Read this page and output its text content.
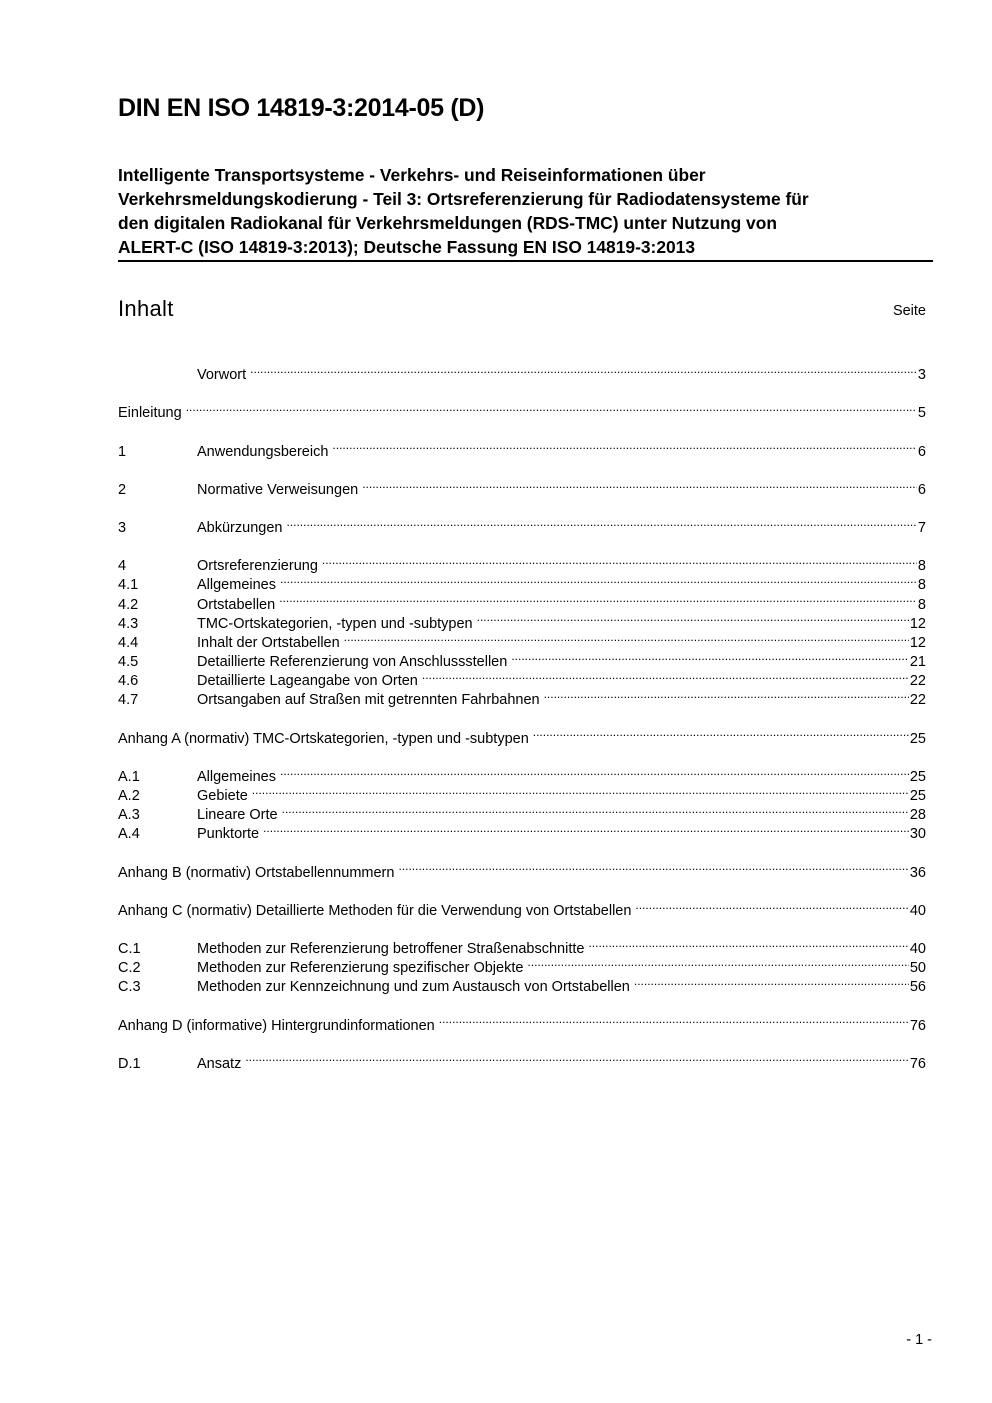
DIN EN ISO 14819-3:2014-05 (D)
Intelligente Transportsysteme - Verkehrs- und Reiseinformationen über
Verkehrsmeldungskodierung - Teil 3: Ortsreferenzierung für Radiodatensysteme für
den digitalen Radiokanal für Verkehrsmeldungen (RDS-TMC) unter Nutzung von
ALERT-C (ISO 14819-3:2013); Deutsche Fassung EN ISO 14819-3:2013
Inhalt	Seite
Vorwort .....	3
Einleitung .....	5
1	Anwendungsbereich .....	6
2	Normative Verweisungen .....	6
3	Abkürzungen .....	7
4	Ortsreferenzierung .....	8
4.1	Allgemeines .....	8
4.2	Ortstabellen .....	8
4.3	TMC-Ortskategorien, -typen und -subtypen .....	12
4.4	Inhalt der Ortstabellen .....	12
4.5	Detaillierte Referenzierung von Anschlussstellen .....	21
4.6	Detaillierte Lageangabe von Orten .....	22
4.7	Ortsangaben auf Straßen mit getrennten Fahrbahnen .....	22
Anhang A (normativ) TMC-Ortskategorien, -typen und -subtypen .....	25
A.1	Allgemeines .....	25
A.2	Gebiete .....	25
A.3	Lineare Orte .....	28
A.4	Punktorte .....	30
Anhang B (normativ) Ortstabellennummern .....	36
Anhang C (normativ) Detaillierte Methoden für die Verwendung von Ortstabellen .....	40
C.1	Methoden zur Referenzierung betroffener Straßenabschnitte .....	40
C.2	Methoden zur Referenzierung spezifischer Objekte .....	50
C.3	Methoden zur Kennzeichnung und zum Austausch von Ortstabellen .....	56
Anhang D (informative) Hintergrundinformationen .....	76
D.1	Ansatz .....	76
- 1 -
